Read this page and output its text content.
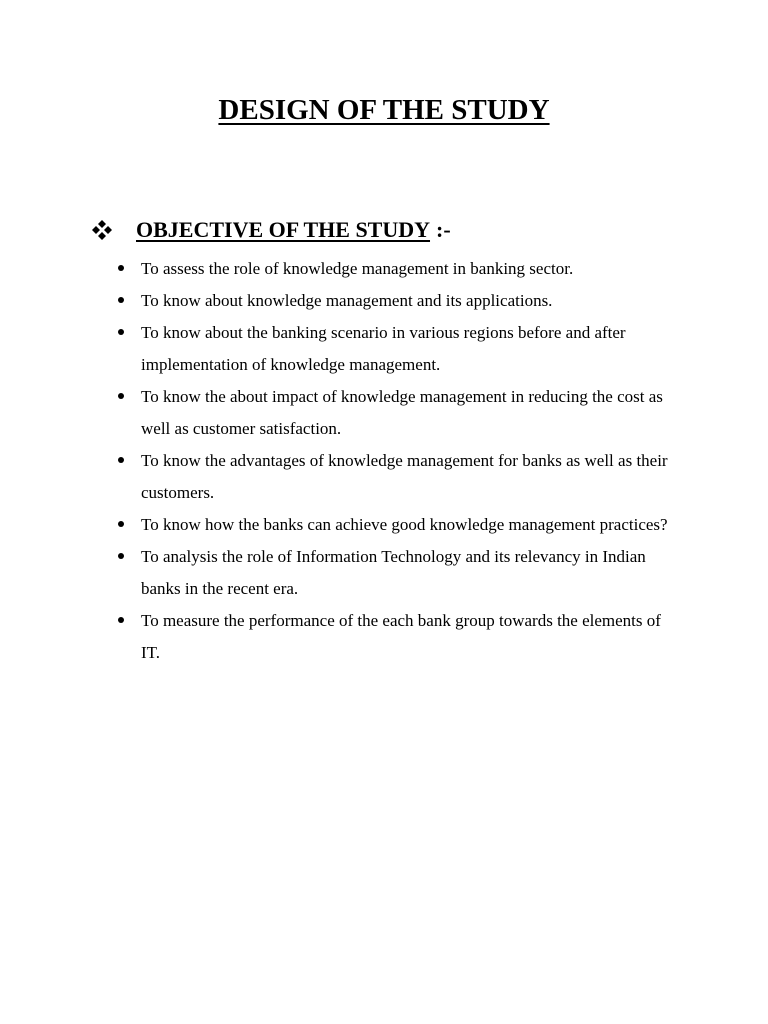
DESIGN OF THE STUDY
OBJECTIVE OF THE STUDY :-
To assess the role of knowledge management in banking sector.
To know about knowledge management and its applications.
To know about the banking scenario in various regions before and after implementation of knowledge management.
To know the about impact of knowledge management in reducing the cost as well as customer satisfaction.
To know the advantages of knowledge management for banks as well as their customers.
To know how the banks can achieve good knowledge management practices?
To analysis the role of Information Technology and its relevancy in Indian banks in the recent era.
To measure the performance of the each bank group towards the elements of IT.
